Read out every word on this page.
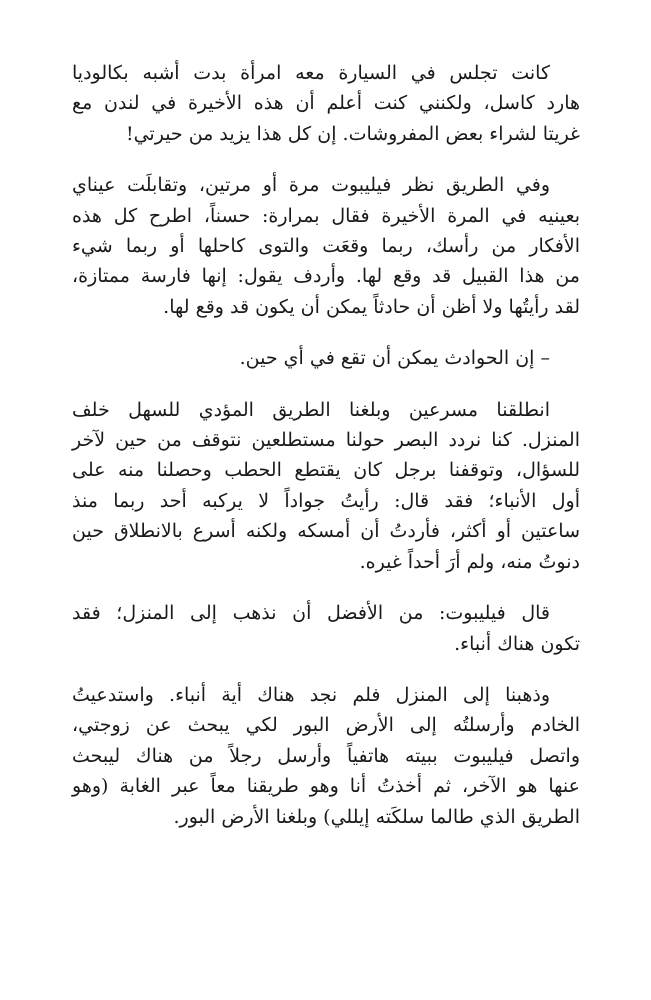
كانت تجلس في السيارة معه امرأة بدت أشبه بكالوديا
هارد كاسل، ولكنني كنت أعلم أن هذه الأخيرة في لندن مع
غريتا لشراء بعض المفروشات. إن كل هذا يزيد من حيرتي!

وفي الطريق نظر فيليبوت مرة أو مرتين، وتقابلَت عيناي
بعينيه في المرة الأخيرة فقال بمرارة: حسناً، اطرح كل هذه
الأفكار من رأسك، ربما وقعَت والتوى كاحلها أو ربما شيء
من هذا القبيل قد وقع لها. وأردف يقول: إنها فارسة ممتازة،
لقد رأيتُها ولا أظن أن حادثاً يمكن أن يكون قد وقع لها.

– إن الحوادث يمكن أن تقع في أي حين.

انطلقنا مسرعين وبلغنا الطريق المؤدي للسهل خلف
المنزل. كنا نردد البصر حولنا مستطلعين نتوقف من حين لآخر
للسؤال، وتوقفنا برجل كان يقتطع الحطب وحصلنا منه على
أول الأنباء؛ فقد قال: رأيتُ جواداً لا يركبه أحد ربما منذ
ساعتين أو أكثر، فأردتُ أن أمسكه ولكنه أسرع بالانطلاق حين
دنوتُ منه، ولم أرَ أحداً غيره.

قال فيليبوت: من الأفضل أن نذهب إلى المنزل؛ فقد
تكون هناك أنباء.

وذهبنا إلى المنزل فلم نجد هناك أية أنباء. واستدعيتُ
الخادم وأرسلتُه إلى الأرض البور لكي يبحث عن زوجتي،
واتصل فيليبوت ببيته هاتفياً وأرسل رجلاً من هناك ليبحث
عنها هو الآخر، ثم أخذتُ أنا وهو طريقنا معاً عبر الغابة (وهو
الطريق الذي طالما سلكَته إيللي) وبلغنا الأرض البور.
